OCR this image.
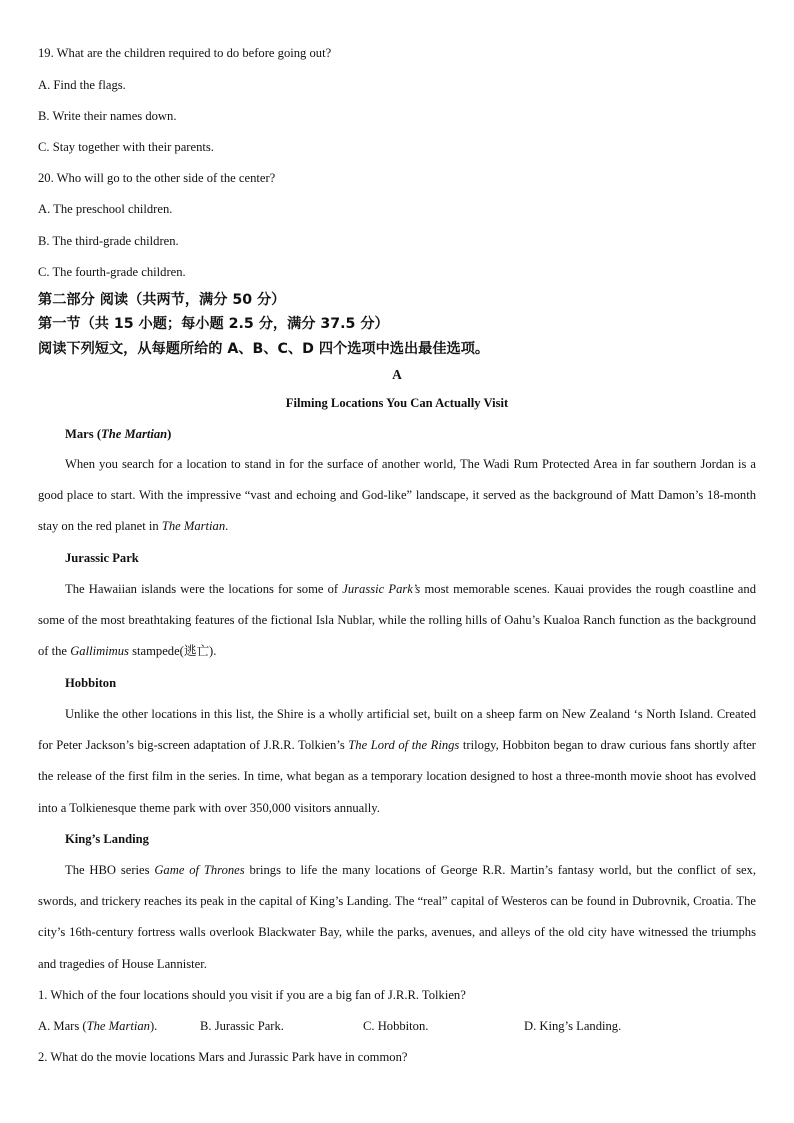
19. What are the children required to do before going out?
A. Find the flags.
B. Write their names down.
C. Stay together with their parents.
20. Who will go to the other side of the center?
A. The preschool children.
B. The third-grade children.
C. The fourth-grade children.
第二部分 阅读（共两节，满分 50 分）
第一节（共 15 小题；每小题 2.5 分，满分 37.5 分）
阅读下列短文，从每题所给的 A、B、C、D 四个选项中选出最佳选项。
A
Filming Locations You Can Actually Visit
Mars (The Martian)
When you search for a location to stand in for the surface of another world, The Wadi Rum Protected Area in far southern Jordan is a good place to start. With the impressive “vast and echoing and God-like” landscape, it served as the background of Matt Damon’s 18-month stay on the red planet in The Martian.
Jurassic Park
The Hawaiian islands were the locations for some of Jurassic Park’s most memorable scenes. Kauai provides the rough coastline and some of the most breathtaking features of the fictional Isla Nublar, while the rolling hills of Oahu’s Kualoa Ranch function as the background of the Gallimimus stampede(逃亡).
Hobbiton
Unlike the other locations in this list, the Shire is a wholly artificial set, built on a sheep farm on New Zealand ‘s North Island. Created for Peter Jackson’s big-screen adaptation of J.R.R. Tolkien’s The Lord of the Rings trilogy, Hobbiton began to draw curious fans shortly after the release of the first film in the series. In time, what began as a temporary location designed to host a three-month movie shoot has evolved into a Tolkienesque theme park with over 350,000 visitors annually.
King’s Landing
The HBO series Game of Thrones brings to life the many locations of George R.R. Martin’s fantasy world, but the conflict of sex, swords, and trickery reaches its peak in the capital of King’s Landing. The “real” capital of Westeros can be found in Dubrovnik, Croatia. The city’s 16th-century fortress walls overlook Blackwater Bay, while the parks, avenues, and alleys of the old city have witnessed the triumphs and tragedies of House Lannister.
1. Which of the four locations should you visit if you are a big fan of J.R.R. Tolkien?
A. Mars (The Martian).	B. Jurassic Park.	C. Hobbiton.	D. King’s Landing.
2. What do the movie locations Mars and Jurassic Park have in common?
